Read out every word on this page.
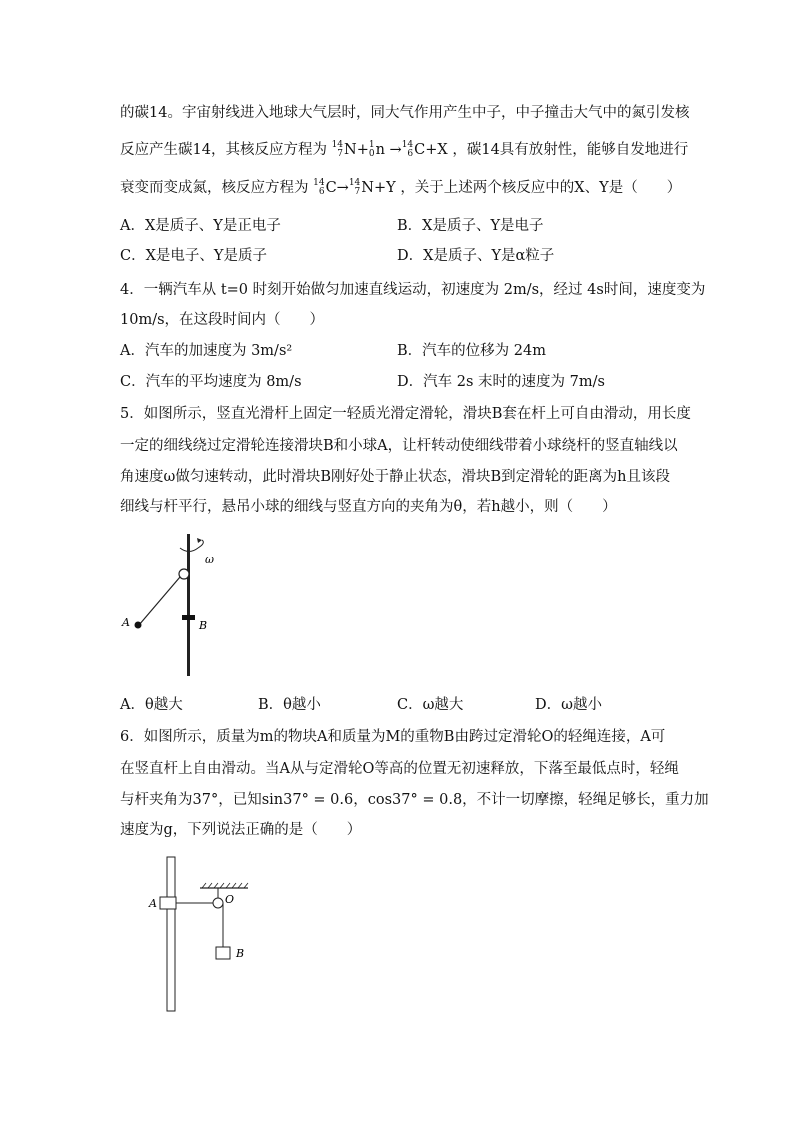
的碳14。宇宙射线进入地球大气层时，同大气作用产生中子，中子撞击大气中的氮引发核
反应产生碳14，其核反应方程为 14
7 N+ 1
0 n → 14
6 C+X ，碳14具有放射性，能够自发地进行
衰变而变成氮，核反应方程为 14
6 C→ 14
7 N+Y ，关于上述两个核反应中的X、Y是（　　）
A．X是质子、Y是正电子	B．X是质子、Y是电子
C．X是电子、Y是质子	D．X是质子、Y是α粒子
4．一辆汽车从 t=0 时刻开始做匀加速直线运动，初速度为 2m/s，经过 4s时间，速度变为
10m/s，在这段时间内（　　）
A．汽车的加速度为 3m/s²	B．汽车的位移为 24m
C．汽车的平均速度为 8m/s	D．汽车 2s 末时的速度为 7m/s
5．如图所示，竖直光滑杆上固定一轻质光滑定滑轮，滑块B套在杆上可自由滑动，用长度
一定的细线绕过定滑轮连接滑块B和小球A，让杆转动使细线带着小球绕杆的竖直轴线以
角速度ω做匀速转动，此时滑块B刚好处于静止状态，滑块B到定滑轮的距离为h且该段
细线与杆平行，悬吊小球的细线与竖直方向的夹角为θ，若h越小，则（　　）
ω
A	B
A．θ越大	B．θ越小	C．ω越大	D．ω越小
6．如图所示，质量为m的物块A和质量为M的重物B由跨过定滑轮O的轻绳连接，A可
在竖直杆上自由滑动。当A从与定滑轮O等高的位置无初速释放，下落至最低点时，轻绳
与杆夹角为37°，已知sin37° = 0.6，cos37° = 0.8，不计一切摩擦，轻绳足够长，重力加
速度为g，下列说法正确的是（　　）
A	O
B
